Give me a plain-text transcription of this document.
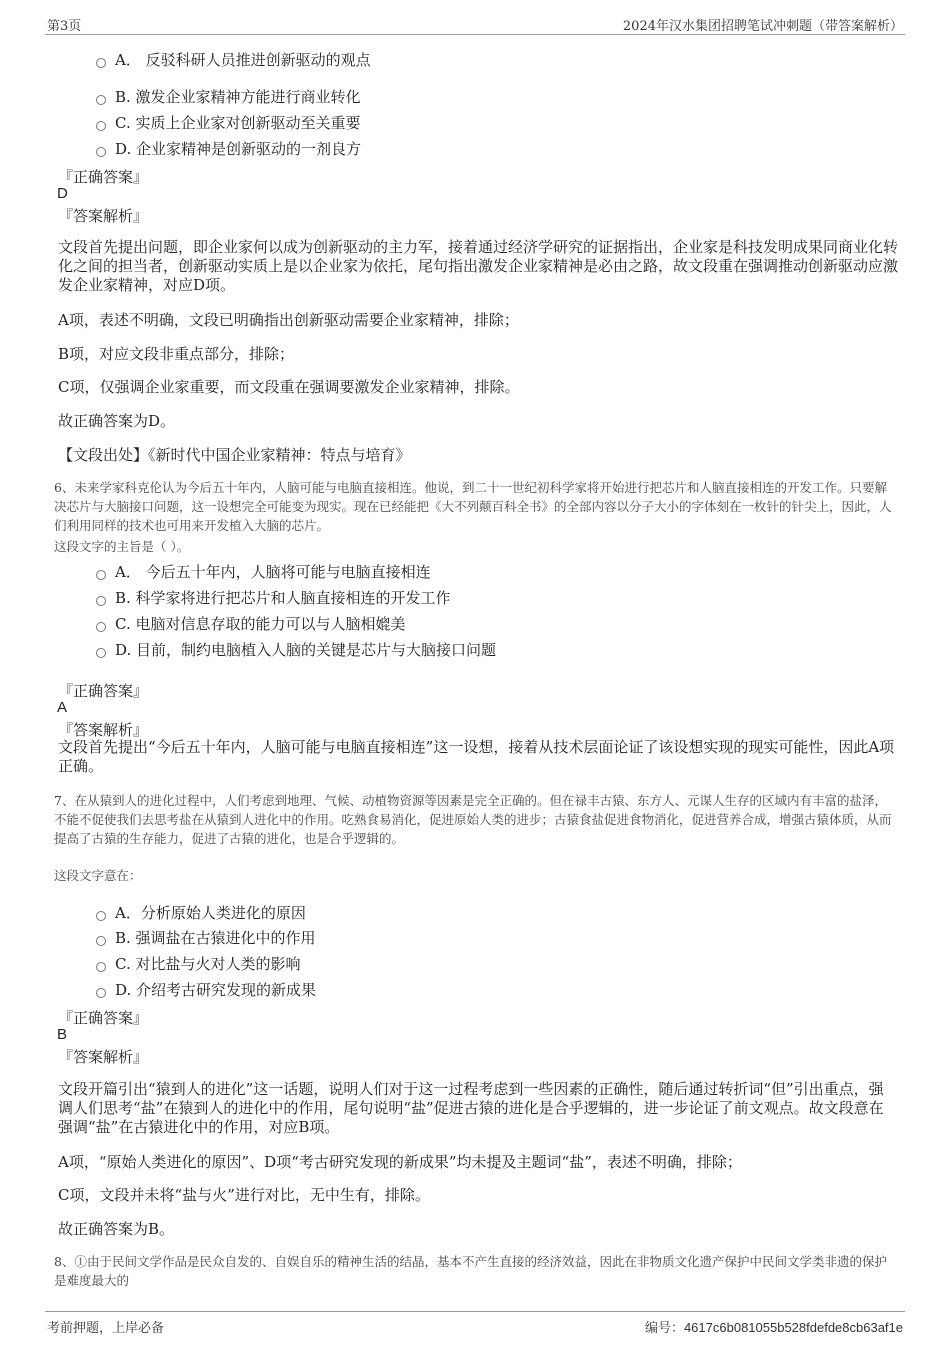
第3页	2024年汉水集团招聘笔试冲刺题（带答案解析）
A． 反驳科研人员推进创新驱动的观点
B. 激发企业家精神方能进行商业转化
C. 实质上企业家对创新驱动至关重要
D. 企业家精神是创新驱动的一剂良方
『正确答案』
D
『答案解析』
文段首先提出问题，即企业家何以成为创新驱动的主力军，接着通过经济学研究的证据指出，企业家是科技发明成果同商业化转化之间的担当者，创新驱动实质上是以企业家为依托，尾句指出激发企业家精神是必由之路，故文段重在强调推动创新驱动应激发企业家精神，对应D项。
A项，表述不明确，文段已明确指出创新驱动需要企业家精神，排除；
B项，对应文段非重点部分，排除；
C项，仅强调企业家重要，而文段重在强调要激发企业家精神，排除。
故正确答案为D。
【文段出处】《新时代中国企业家精神：特点与培育》
6、未来学家科克伦认为今后五十年内，人脑可能与电脑直接相连。他说，到二十一世纪初科学家将开始进行把芯片和人脑直接相连的开发工作。只要解决芯片与大脑接口问题，这一设想完全可能变为现实。现在已经能把《大不列颠百科全书》的全部内容以分子大小的字体刻在一枚针的针尖上，因此，人们利用同样的技术也可用来开发植入大脑的芯片。
这段文字的主旨是（ ）。
A． 今后五十年内，人脑将可能与电脑直接相连
B. 科学家将进行把芯片和人脑直接相连的开发工作
C. 电脑对信息存取的能力可以与人脑相媲美
D. 目前，制约电脑植入人脑的关键是芯片与大脑接口问题
『正确答案』
A
『答案解析』
文段首先提出“今后五十年内，人脑可能与电脑直接相连”这一设想，接着从技术层面论证了该设想实现的现实可能性，因此A项正确。
7、在从猿到人的进化过程中，人们考虑到地理、气候、动植物资源等因素是完全正确的。但在禄丰古猿、东方人、元谋人生存的区域内有丰富的盐泽，不能不促使我们去思考盐在从猿到人进化中的作用。吃熟食易消化，促进原始人类的进步；古猿食盐促进食物消化，促进营养合成，增强古猿体质，从而提高了古猿的生存能力，促进了古猿的进化，也是合乎逻辑的。
这段文字意在：
A．分析原始人类进化的原因
B. 强调盐在古猿进化中的作用
C. 对比盐与火对人类的影响
D. 介绍考古研究发现的新成果
『正确答案』
B
『答案解析』
文段开篇引出“猿到人的进化”这一话题，说明人们对于这一过程考虑到一些因素的正确性，随后通过转折词“但”引出重点，强调人们思考“盐”在猿到人的进化中的作用，尾句说明“盐”促进古猿的进化是合乎逻辑的，进一步论证了前文观点。故文段意在强调“盐”在古猿进化中的作用，对应B项。
A项，“原始人类进化的原因”、D项“考古研究发现的新成果”均未提及主题词“盐”，表述不明确，排除；
C项，文段并未将“盐与火”进行对比，无中生有，排除。
故正确答案为B。
8、①由于民间文学作品是民众自发的、自娱自乐的精神生活的结晶，基本不产生直接的经济效益，因此在非物质文化遗产保护中民间文学类非遗的保护是难度最大的
考前押题，上岸必备	编号：4617c6b081055b528fdefde8cb63af1e
